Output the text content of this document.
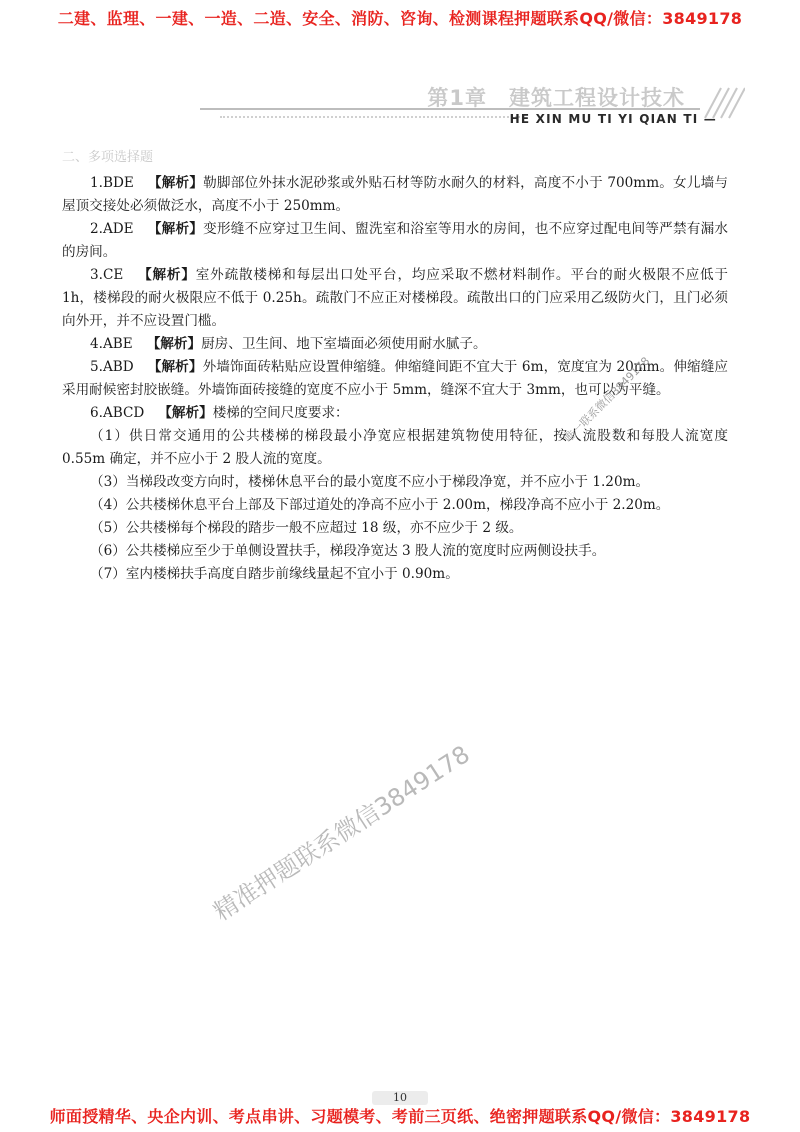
二建、监理、一建、一造、二造、安全、消防、咨询、检测课程押题联系QQ/微信：3849178
第1章　建筑工程设计技术
HE XIN MU TI YI QIAN TI —
二、多项选择题

1.BDE 【解析】勒脚部位外抹水泥砂浆或外贴石材等防水耐久的材料，高度不小于 700mm。女儿墙与屋顶交接处必须做泛水，高度不小于 250mm。

2.ADE 【解析】变形缝不应穿过卫生间、盥洗室和浴室等用水的房间，也不应穿过配电间等严禁有漏水的房间。

3.CE 【解析】室外疏散楼梯和每层出口处平台，均应采取不燃材料制作。平台的耐火极限不应低于 1h，楼梯段的耐火极限应不低于 0.25h。疏散门不应正对楼梯段。疏散出口的门应采用乙级防火门，且门必须向外开，并不应设置门槛。

4.ABE 【解析】厨房、卫生间、地下室墙面必须使用耐水腻子。

5.ABD 【解析】外墙饰面砖粘贴应设置伸缩缝。伸缩缝间距不宜大于 6m，宽度宜为 20mm。伸缩缝应采用耐候密封胶嵌缝。外墙饰面砖接缝的宽度不应小于 5mm，缝深不宜大于 3mm，也可以为平缝。

6.ABCD 【解析】楼梯的空间尺度要求：

（1）供日常交通用的公共楼梯的梯段最小净宽应根据建筑物使用特征，按人流股数和每股人流宽度 0.55m 确定，并不应小于 2 股人流的宽度。

（3）当梯段改变方向时，楼梯休息平台的最小宽度不应小于梯段净宽，并不应小于 1.20m。

（4）公共楼梯休息平台上部及下部过道处的净高不应小于 2.00m，梯段净高不应小于 2.20m。

（5）公共楼梯每个梯段的踏步一般不应超过 18 级，亦不应少于 2 级。

（6）公共楼梯应至少于单侧设置扶手，梯段净宽达 3 股人流的宽度时应两侧设扶手。

（7）室内楼梯扶手高度自踏步前缘线量起不宜小于 0.90m。

唯一联系微信3849178
精准押题联系微信3849178
10
师面授精华、央企内训、考点串讲、习题模考、考前三页纸、绝密押题联系QQ/微信：3849178
